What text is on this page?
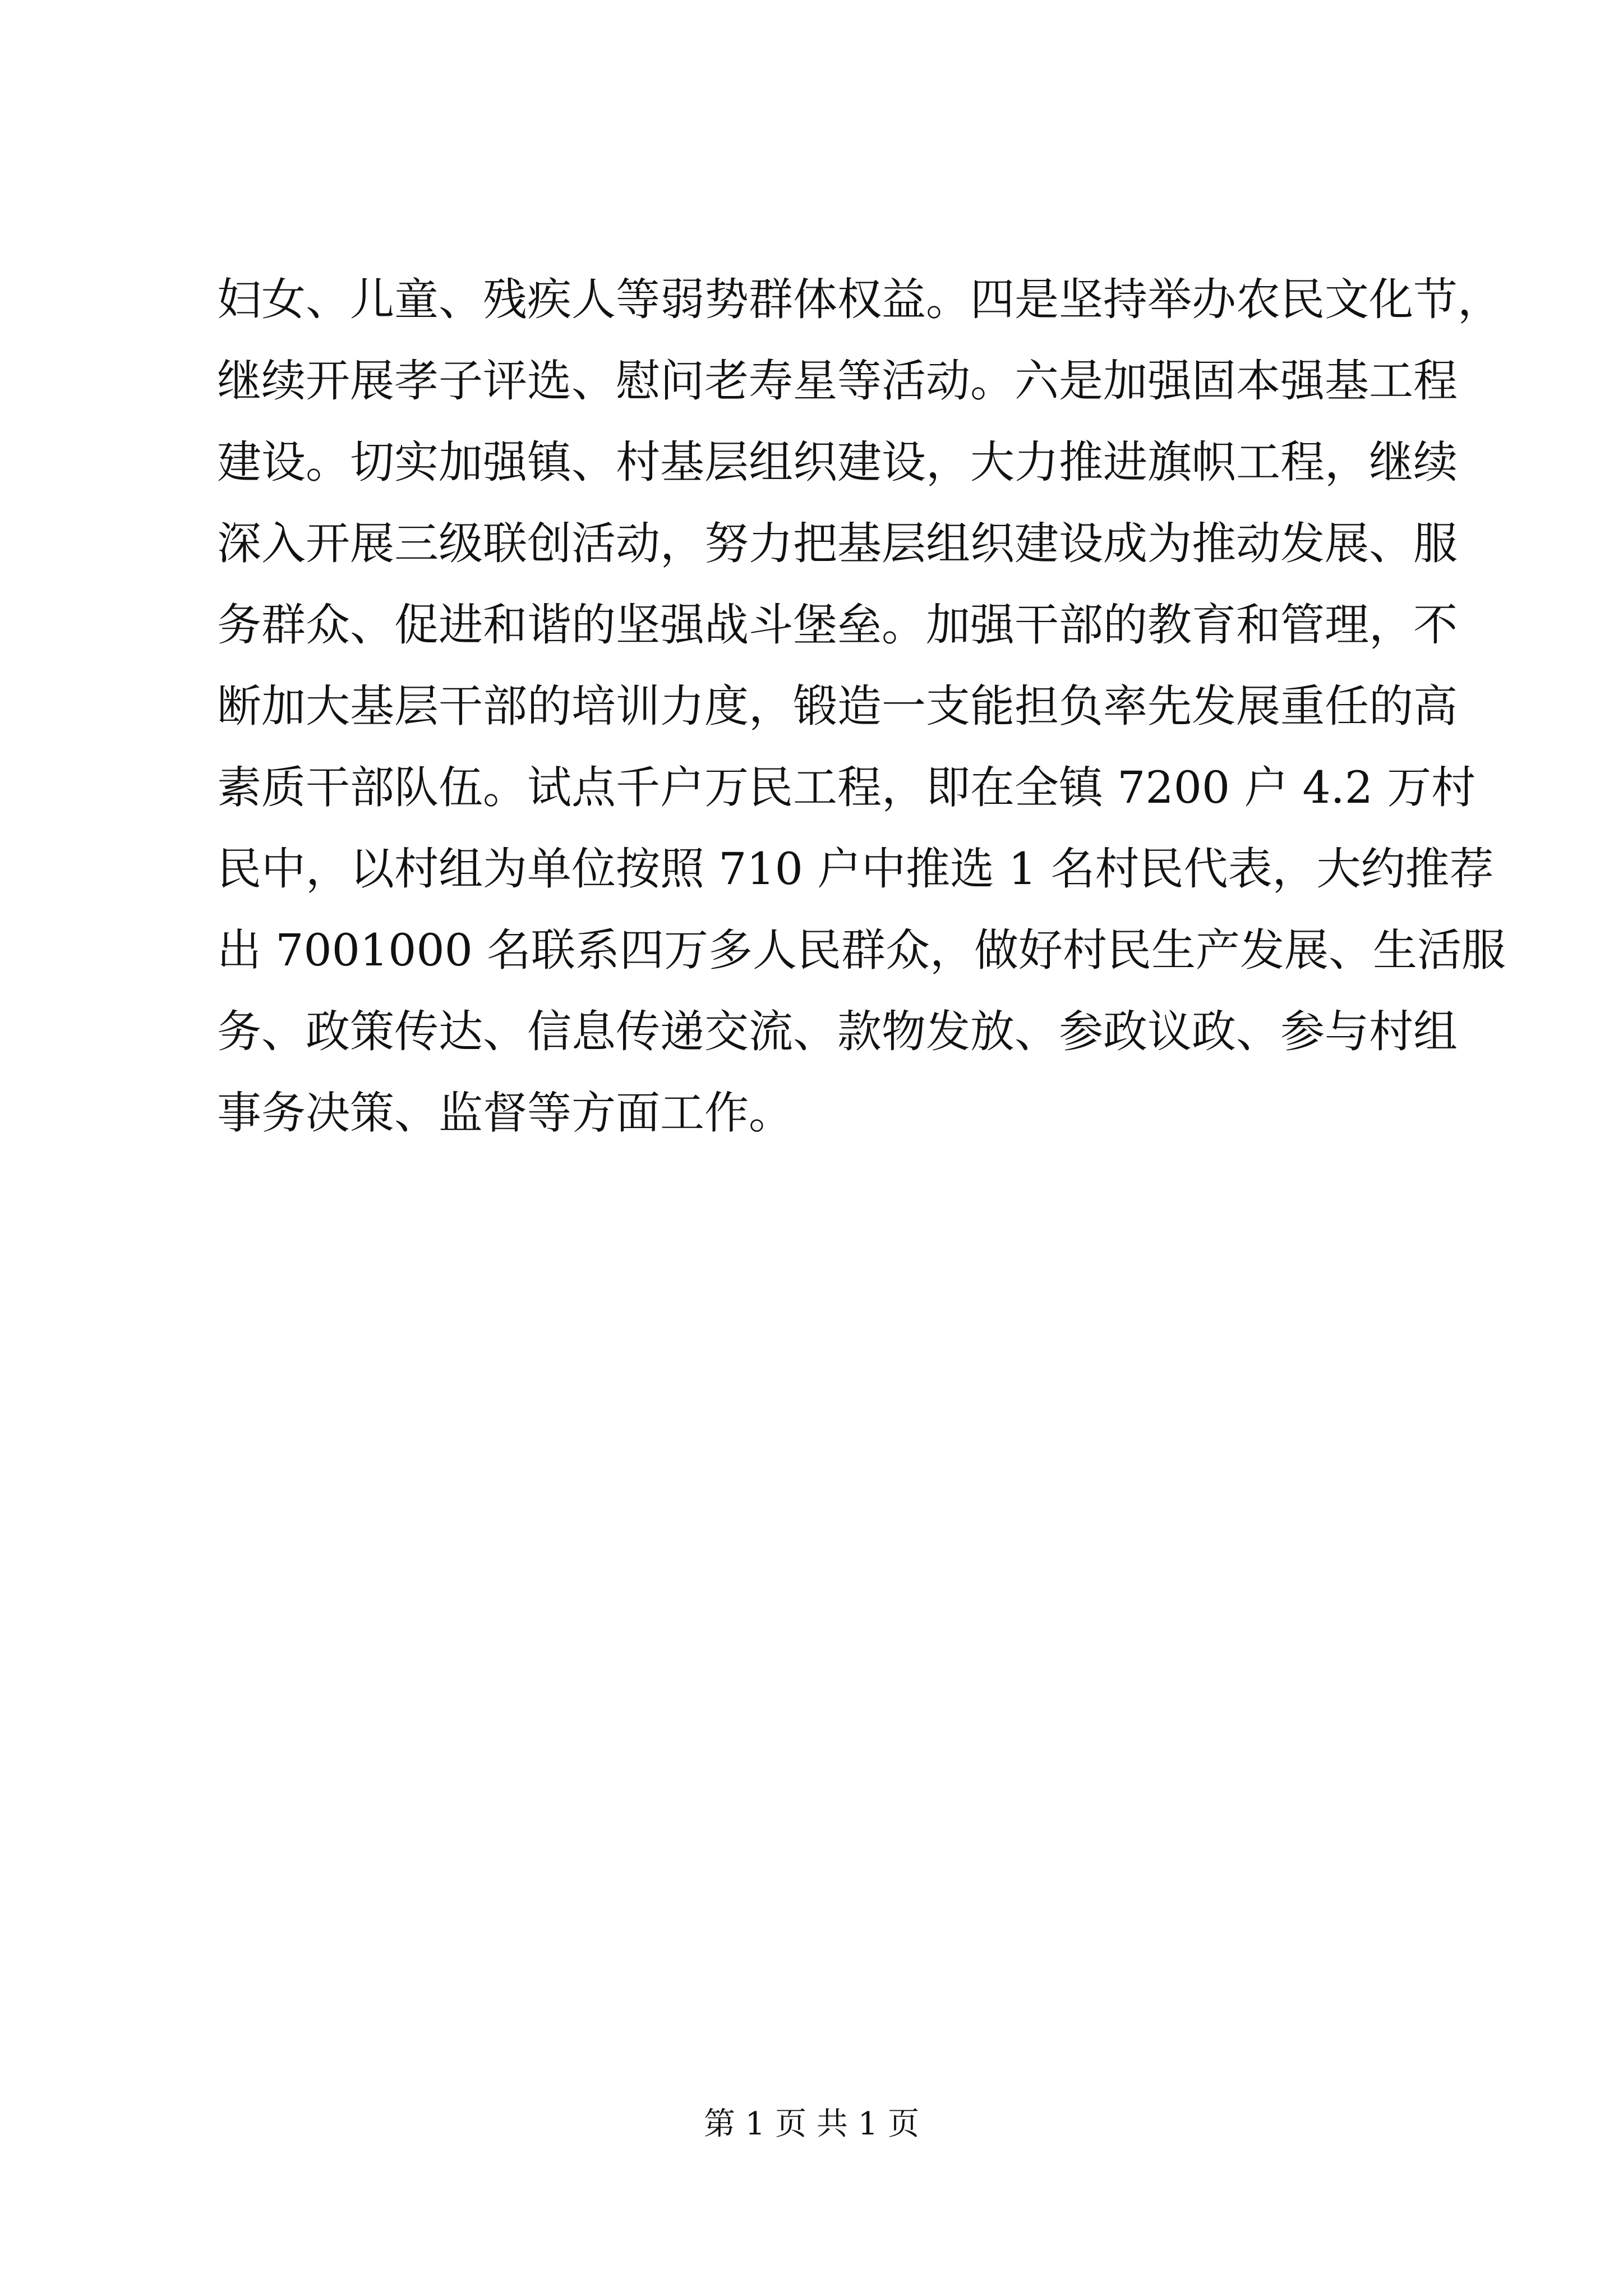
妇女、儿童、残疾人等弱势群体权益。四是坚持举办农民文化节，
继续开展孝子评选、慰问老寿星等活动。六是加强固本强基工程
建设。切实加强镇、村基层组织建设，大力推进旗帜工程，继续
深入开展三级联创活动，努力把基层组织建设成为推动发展、服
务群众、促进和谐的坚强战斗堡垒。加强干部的教育和管理，不
断加大基层干部的培训力度，锻造一支能担负率先发展重任的高
素质干部队伍。试点千户万民工程，即在全镇 7200 户 4.2 万村
民中，以村组为单位按照 710 户中推选 1 名村民代表，大约推荐
出 7001000 名联系四万多人民群众，做好村民生产发展、生活服
务、政策传达、信息传递交流、款物发放、参政议政、参与村组
事务决策、监督等方面工作。
第 1 页 共 1 页
